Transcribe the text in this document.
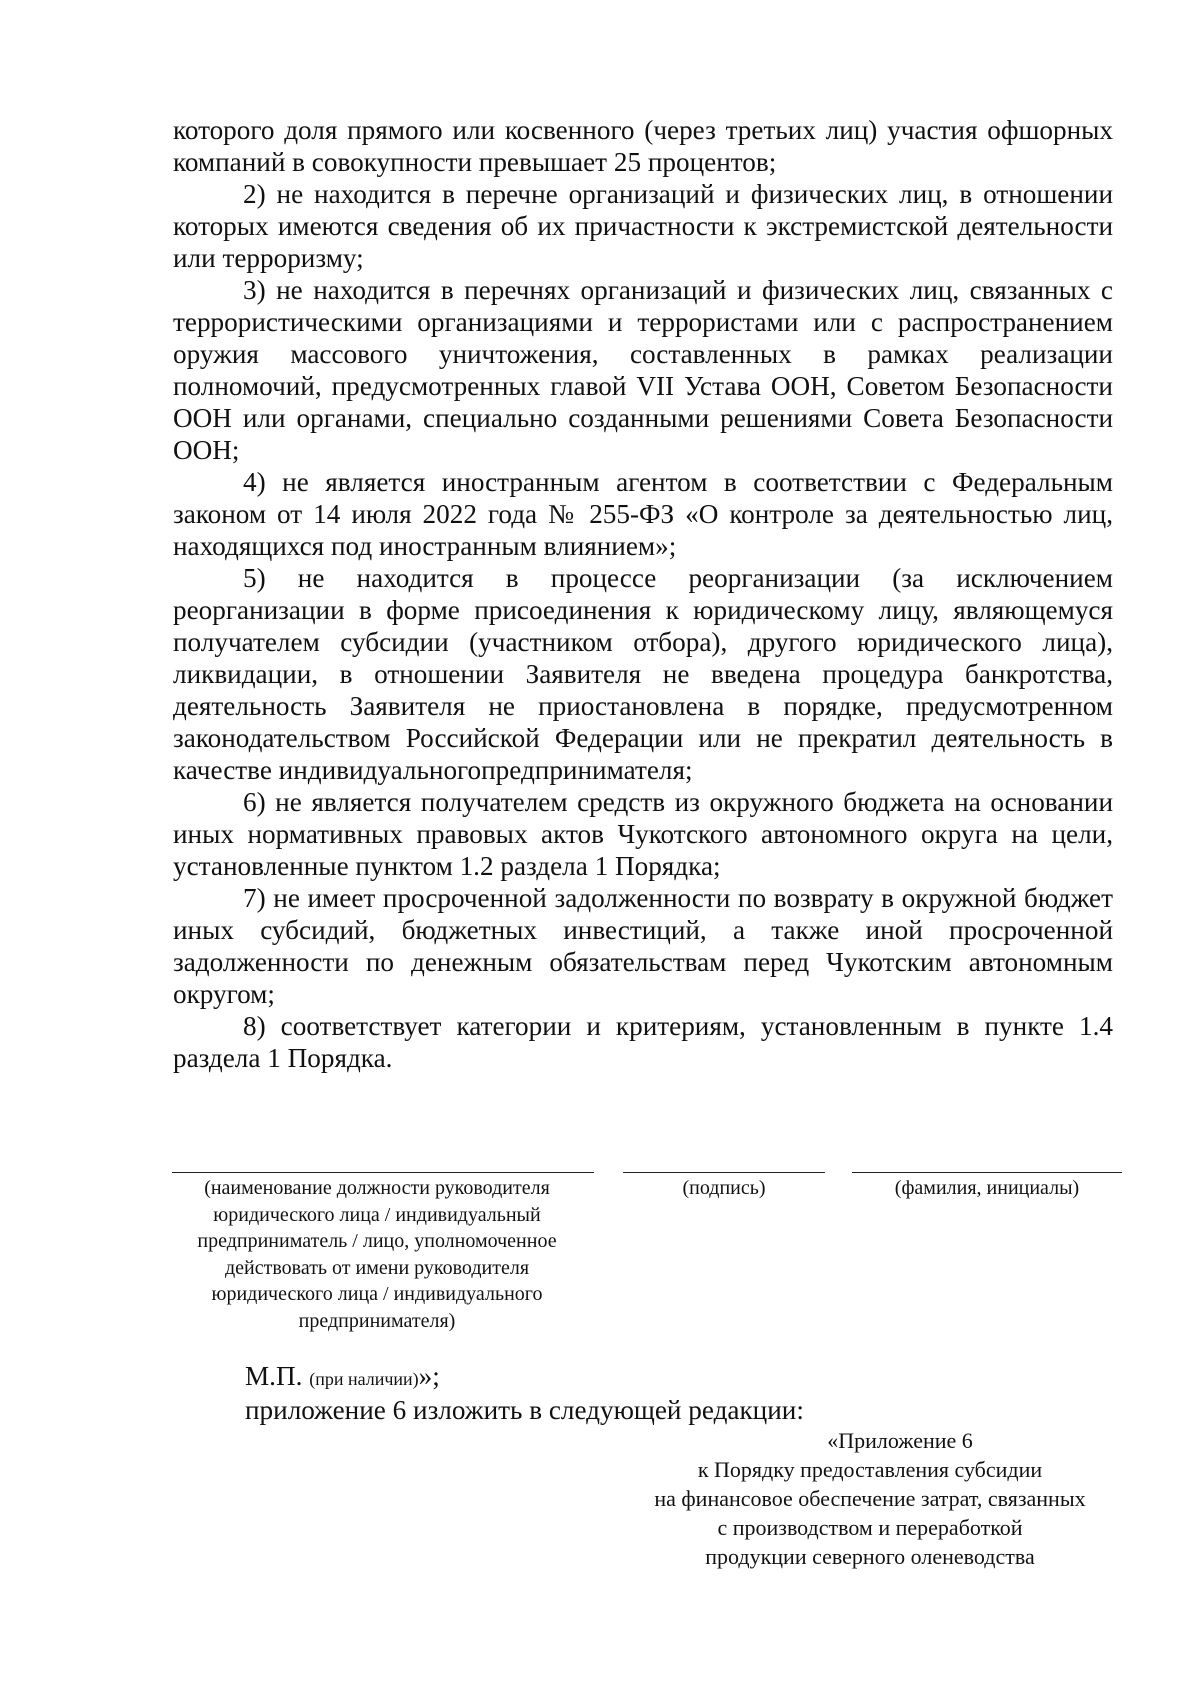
которого доля прямого или косвенного (через третьих лиц) участия офшорных компаний в совокупности превышает 25 процентов;

2) не находится в перечне организаций и физических лиц, в отношении которых имеются сведения об их причастности к экстремистской деятельности или терроризму;

3) не находится в перечнях организаций и физических лиц, связанных с террористическими организациями и террористами или с распространением оружия массового уничтожения, составленных в рамках реализации полномочий, предусмотренных главой VII Устава ООН, Советом Безопасности ООН или органами, специально созданными решениями Совета Безопасности ООН;

4) не является иностранным агентом в соответствии с Федеральным законом от 14 июля 2022 года № 255-ФЗ «О контроле за деятельностью лиц, находящихся под иностранным влиянием»;

5) не находится в процессе реорганизации (за исключением реорганизации в форме присоединения к юридическому лицу, являющемуся получателем субсидии (участником отбора), другого юридического лица), ликвидации, в отношении Заявителя не введена процедура банкротства, деятельность Заявителя не приостановлена в порядке, предусмотренном законодательством Российской Федерации или не прекратил деятельность в качестве индивидуальногопредпринимателя;

6) не является получателем средств из окружного бюджета на основании иных нормативных правовых актов Чукотского автономного округа на цели, установленные пунктом 1.2 раздела 1 Порядка;

7) не имеет просроченной задолженности по возврату в окружной бюджет иных субсидий, бюджетных инвестиций, а также иной просроченной задолженности по денежным обязательствам перед Чукотским автономным округом;

8) соответствует категории и критериям, установленным в пункте 1.4 раздела 1 Порядка.

(наименование должности руководителя юридического лица / индивидуальный предприниматель / лицо, уполномоченное действовать от имени руководителя юридического лица / индивидуального предпринимателя)
(подпись)	(фамилия, инициалы)
М.П. (при наличии)»;
приложение 6 изложить в следующей редакции:
«Приложение 6
к Порядку предоставления субсидии
на финансовое обеспечение затрат, связанных
с производством и переработкой
продукции северного оленеводства
